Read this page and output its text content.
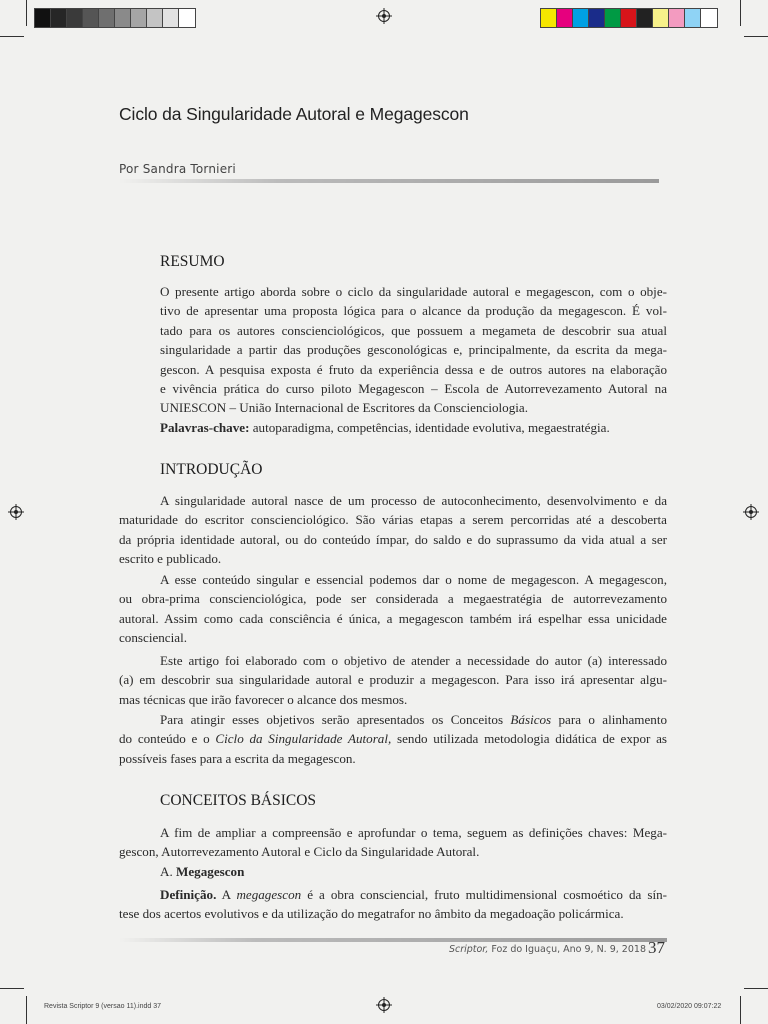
Ciclo da Singularidade Autoral e Megagescon
Por Sandra Tornieri
RESUMO
O presente artigo aborda sobre o ciclo da singularidade autoral e megagescon, com o obje-
tivo de apresentar uma proposta lógica para o alcance da produção da megagescon. É vol-
tado para os autores conscienciológicos, que possuem a megameta de descobrir sua atual
singularidade a partir das produções gesconológicas e, principalmente, da escrita da mega-
gescon. A pesquisa exposta é fruto da experiência dessa e de outros autores na elaboração
e vivência prática do curso piloto Megagescon – Escola de Autorrevezamento Autoral na
UNIESCON – União Internacional de Escritores da Conscienciologia.
Palavras-chave: autoparadigma, competências, identidade evolutiva, megaestratégia.
INTRODUÇÃO
A singularidade autoral nasce de um processo de autoconhecimento, desenvolvimento e da
maturidade do escritor conscienciológico. São várias etapas a serem percorridas até a descoberta
da própria identidade autoral, ou do conteúdo ímpar, do saldo e do suprassumo da vida atual a ser
escrito e publicado.
A esse conteúdo singular e essencial podemos dar o nome de megagescon. A megagescon,
ou obra-prima conscienciológica, pode ser considerada a megaestratégia de autorrevezamento
autoral. Assim como cada consciência é única, a megagescon também irá espelhar essa unicidade
consciencial.
Este artigo foi elaborado com o objetivo de atender a necessidade do autor (a) interessado
(a) em descobrir sua singularidade autoral e produzir a megagescon. Para isso irá apresentar algu-
mas técnicas que irão favorecer o alcance dos mesmos.
Para atingir esses objetivos serão apresentados os Conceitos Básicos para o alinhamento
do conteúdo e o Ciclo da Singularidade Autoral, sendo utilizada metodologia didática de expor as
possíveis fases para a escrita da megagescon.
CONCEITOS BÁSICOS
A fim de ampliar a compreensão e aprofundar o tema, seguem as definições chaves: Mega-
gescon, Autorrevezamento Autoral e Ciclo da Singularidade Autoral.
A. Megagescon
Definição. A megagescon é a obra consciencial, fruto multidimensional cosmoético da sín-
tese dos acertos evolutivos e da utilização do megatrafor no âmbito da megadoação policármica.
Scriptor, Foz do Iguaçu, Ano 9, N. 9, 2018 37
Revista Scriptor 9 (versao 11).indd 37	03/02/2020 09:07:22
